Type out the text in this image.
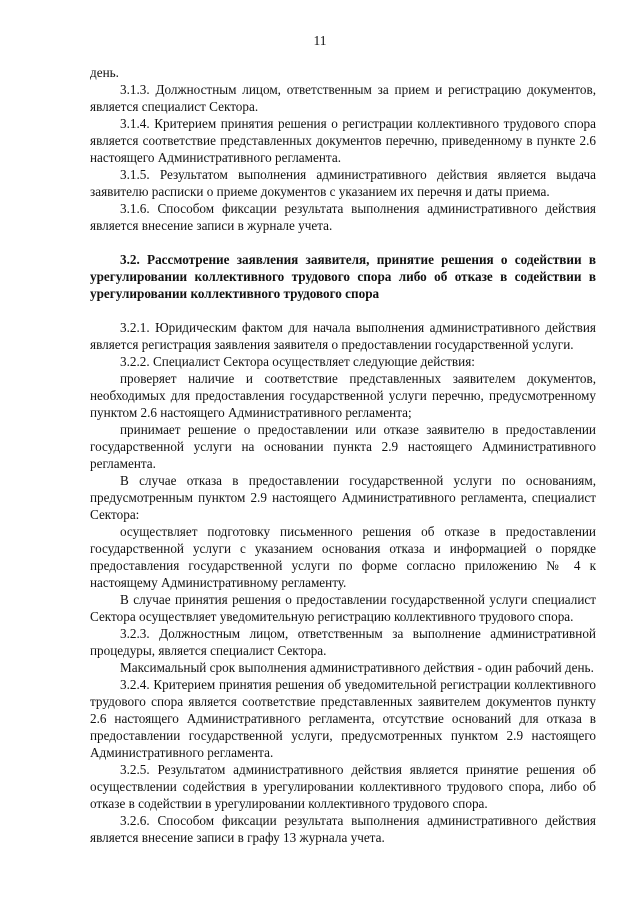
11

день.

3.1.3. Должностным лицом, ответственным за прием и регистрацию документов, является специалист Сектора.

3.1.4. Критерием принятия решения о регистрации коллективного трудового спора является соответствие представленных документов перечню, приведенному в пункте 2.6 настоящего Административного регламента.

3.1.5. Результатом выполнения административного действия является выдача заявителю расписки о приеме документов с указанием их перечня и даты приема.

3.1.6. Способом фиксации результата выполнения административного действия является внесение записи в журнале учета.

3.2. Рассмотрение заявления заявителя, принятие решения о содействии в урегулировании коллективного трудового спора либо об отказе в содействии в урегулировании коллективного трудового спора

3.2.1. Юридическим фактом для начала выполнения административного действия является регистрация заявления заявителя о предоставлении государственной услуги.

3.2.2. Специалист Сектора осуществляет следующие действия:

проверяет наличие и соответствие представленных заявителем документов, необходимых для предоставления государственной услуги перечню, предусмотренному пунктом 2.6 настоящего Административного регламента;

принимает решение о предоставлении или отказе заявителю в предоставлении государственной услуги на основании пункта 2.9 настоящего Административного регламента.

В случае отказа в предоставлении государственной услуги по основаниям, предусмотренным пунктом 2.9 настоящего Административного регламента, специалист Сектора:

осуществляет подготовку письменного решения об отказе в предоставлении государственной услуги с указанием основания отказа и информацией о порядке предоставления государственной услуги по форме согласно приложению № 4 к настоящему Административному регламенту.

В случае принятия решения о предоставлении государственной услуги специалист Сектора осуществляет уведомительную регистрацию коллективного трудового спора.

3.2.3. Должностным лицом, ответственным за выполнение административной процедуры, является специалист Сектора.

Максимальный срок выполнения административного действия - один рабочий день.

3.2.4. Критерием принятия решения об уведомительной регистрации коллективного трудового спора является соответствие представленных заявителем документов пункту 2.6 настоящего Административного регламента, отсутствие оснований для отказа в предоставлении государственной услуги, предусмотренных пунктом 2.9 настоящего Административного регламента.

3.2.5. Результатом административного действия является принятие решения об осуществлении содействия в урегулировании коллективного трудового спора, либо об отказе в содействии в урегулировании коллективного трудового спора.

3.2.6. Способом фиксации результата выполнения административного действия является внесение записи в графу 13 журнала учета.
